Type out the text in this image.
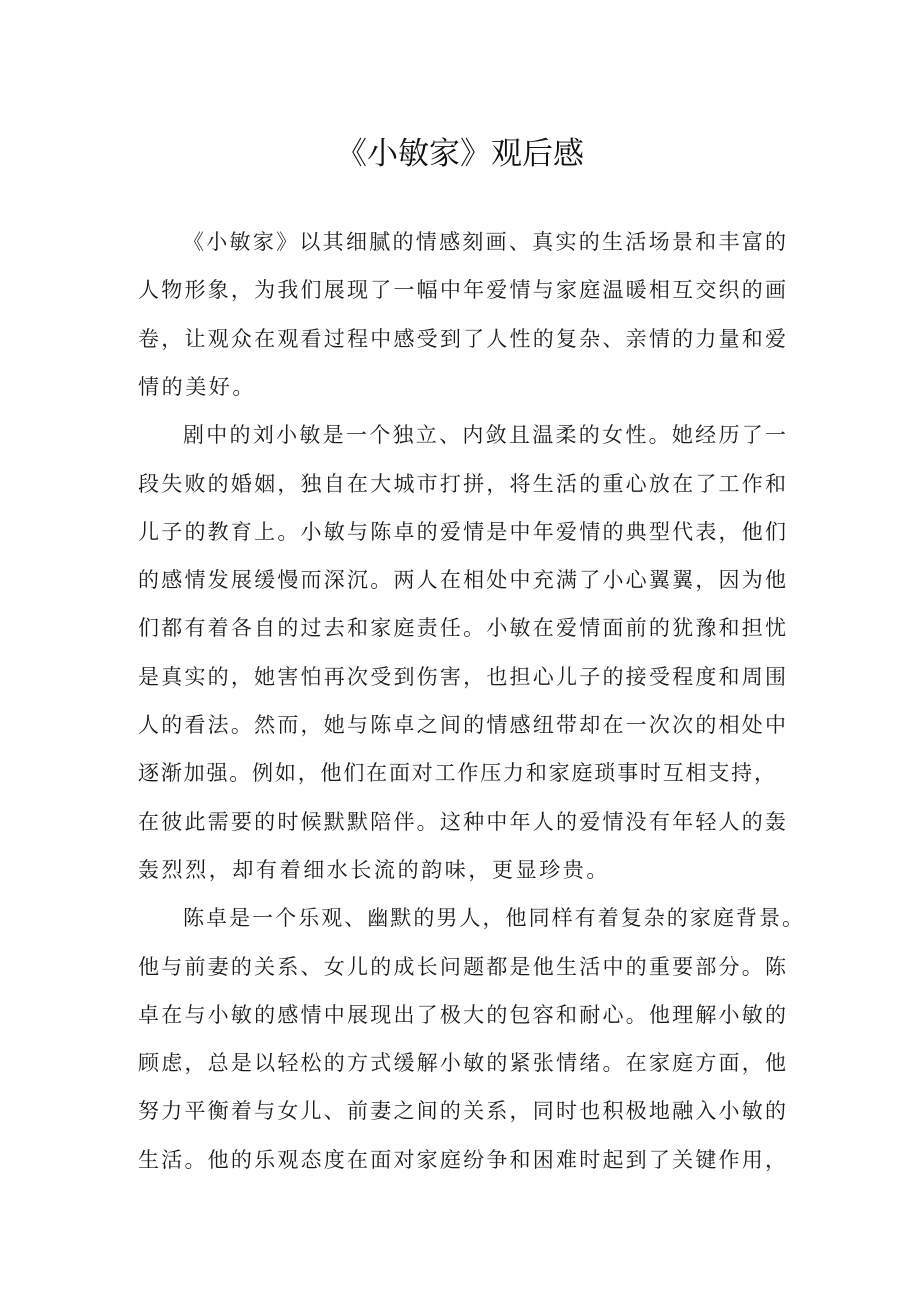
《小敏家》观后感
《小敏家》以其细腻的情感刻画、真实的生活场景和丰富的
人物形象，为我们展现了一幅中年爱情与家庭温暖相互交织的画
卷，让观众在观看过程中感受到了人性的复杂、亲情的力量和爱
情的美好。
剧中的刘小敏是一个独立、内敛且温柔的女性。她经历了一
段失败的婚姻，独自在大城市打拼，将生活的重心放在了工作和
儿子的教育上。小敏与陈卓的爱情是中年爱情的典型代表，他们
的感情发展缓慢而深沉。两人在相处中充满了小心翼翼，因为他
们都有着各自的过去和家庭责任。小敏在爱情面前的犹豫和担忧
是真实的，她害怕再次受到伤害，也担心儿子的接受程度和周围
人的看法。然而，她与陈卓之间的情感纽带却在一次次的相处中
逐渐加强。例如，他们在面对工作压力和家庭琐事时互相支持，
在彼此需要的时候默默陪伴。这种中年人的爱情没有年轻人的轰
轰烈烈，却有着细水长流的韵味，更显珍贵。
陈卓是一个乐观、幽默的男人，他同样有着复杂的家庭背景。
他与前妻的关系、女儿的成长问题都是他生活中的重要部分。陈
卓在与小敏的感情中展现出了极大的包容和耐心。他理解小敏的
顾虑，总是以轻松的方式缓解小敏的紧张情绪。在家庭方面，他
努力平衡着与女儿、前妻之间的关系，同时也积极地融入小敏的
生活。他的乐观态度在面对家庭纷争和困难时起到了关键作用，
